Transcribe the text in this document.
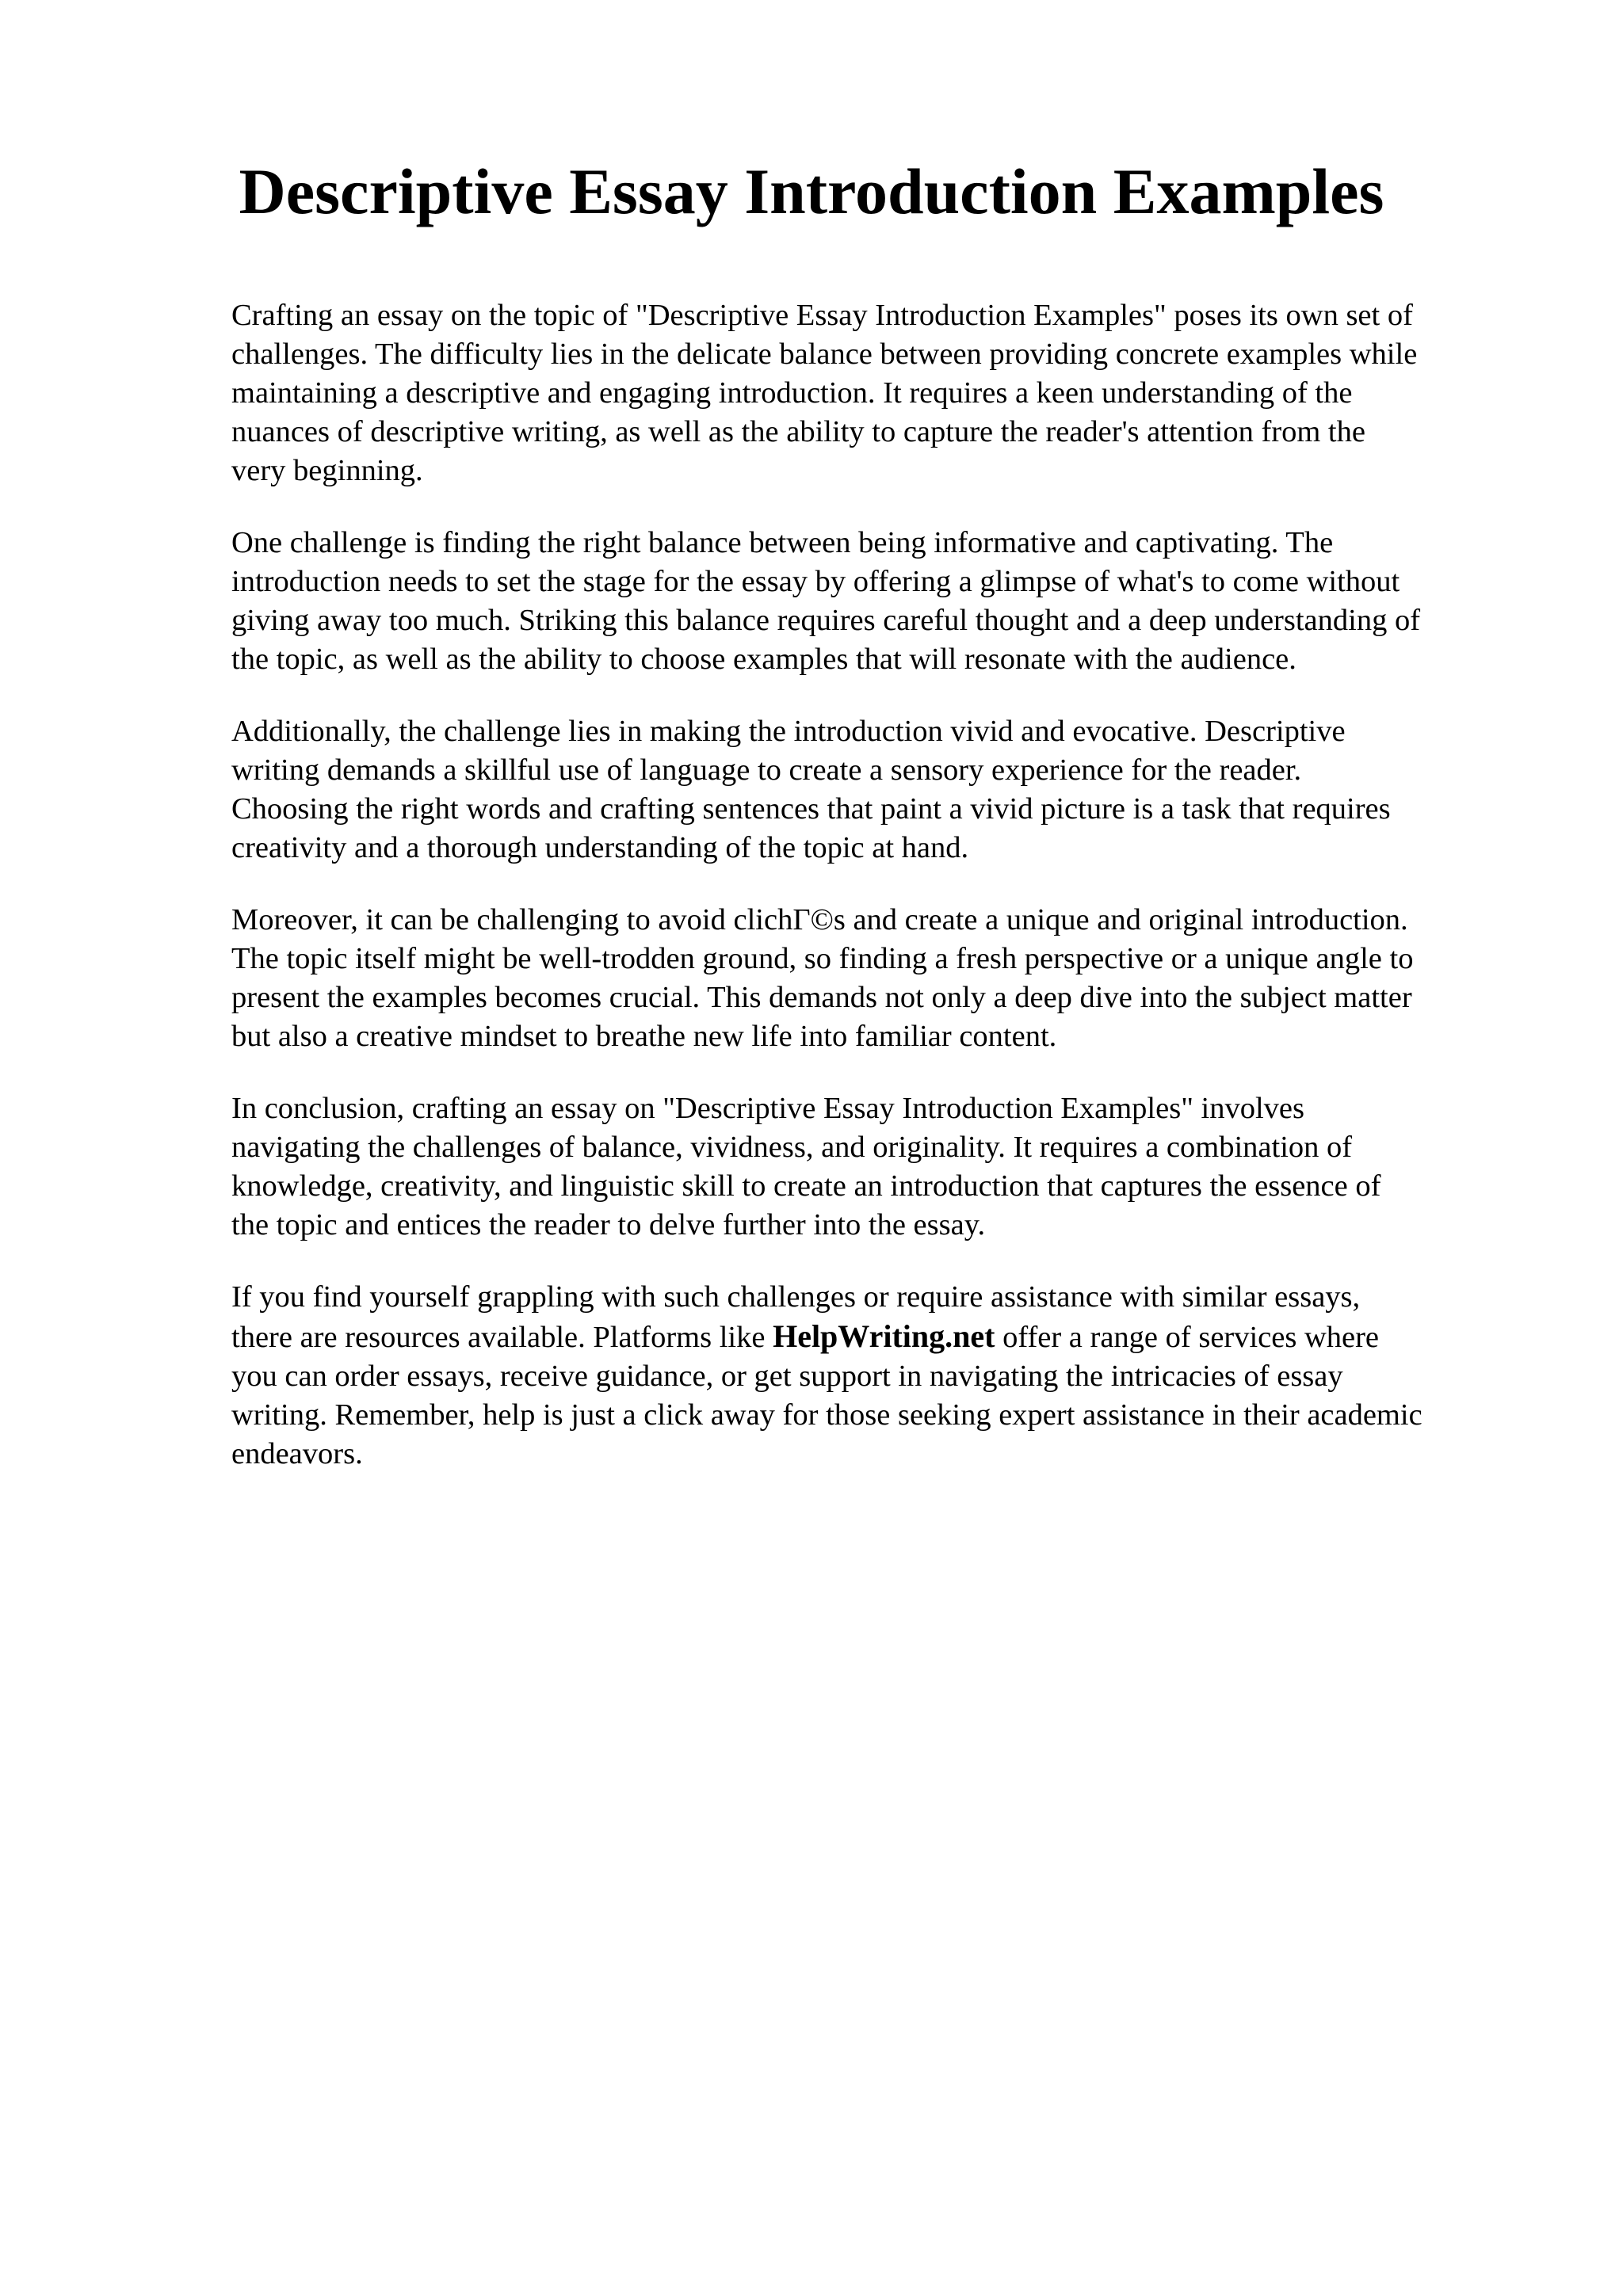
Descriptive Essay Introduction Examples

Crafting an essay on the topic of "Descriptive Essay Introduction Examples" poses its own set of
challenges. The difficulty lies in the delicate balance between providing concrete examples while
maintaining a descriptive and engaging introduction. It requires a keen understanding of the
nuances of descriptive writing, as well as the ability to capture the reader's attention from the
very beginning.

One challenge is finding the right balance between being informative and captivating. The
introduction needs to set the stage for the essay by offering a glimpse of what's to come without
giving away too much. Striking this balance requires careful thought and a deep understanding of
the topic, as well as the ability to choose examples that will resonate with the audience.

Additionally, the challenge lies in making the introduction vivid and evocative. Descriptive
writing demands a skillful use of language to create a sensory experience for the reader.
Choosing the right words and crafting sentences that paint a vivid picture is a task that requires
creativity and a thorough understanding of the topic at hand.

Moreover, it can be challenging to avoid clichΓ©s and create a unique and original introduction.
The topic itself might be well-trodden ground, so finding a fresh perspective or a unique angle to
present the examples becomes crucial. This demands not only a deep dive into the subject matter
but also a creative mindset to breathe new life into familiar content.

In conclusion, crafting an essay on "Descriptive Essay Introduction Examples" involves
navigating the challenges of balance, vividness, and originality. It requires a combination of
knowledge, creativity, and linguistic skill to create an introduction that captures the essence of
the topic and entices the reader to delve further into the essay.

If you find yourself grappling with such challenges or require assistance with similar essays,
there are resources available. Platforms like HelpWriting.net offer a range of services where
you can order essays, receive guidance, or get support in navigating the intricacies of essay
writing. Remember, help is just a click away for those seeking expert assistance in their academic
endeavors.
